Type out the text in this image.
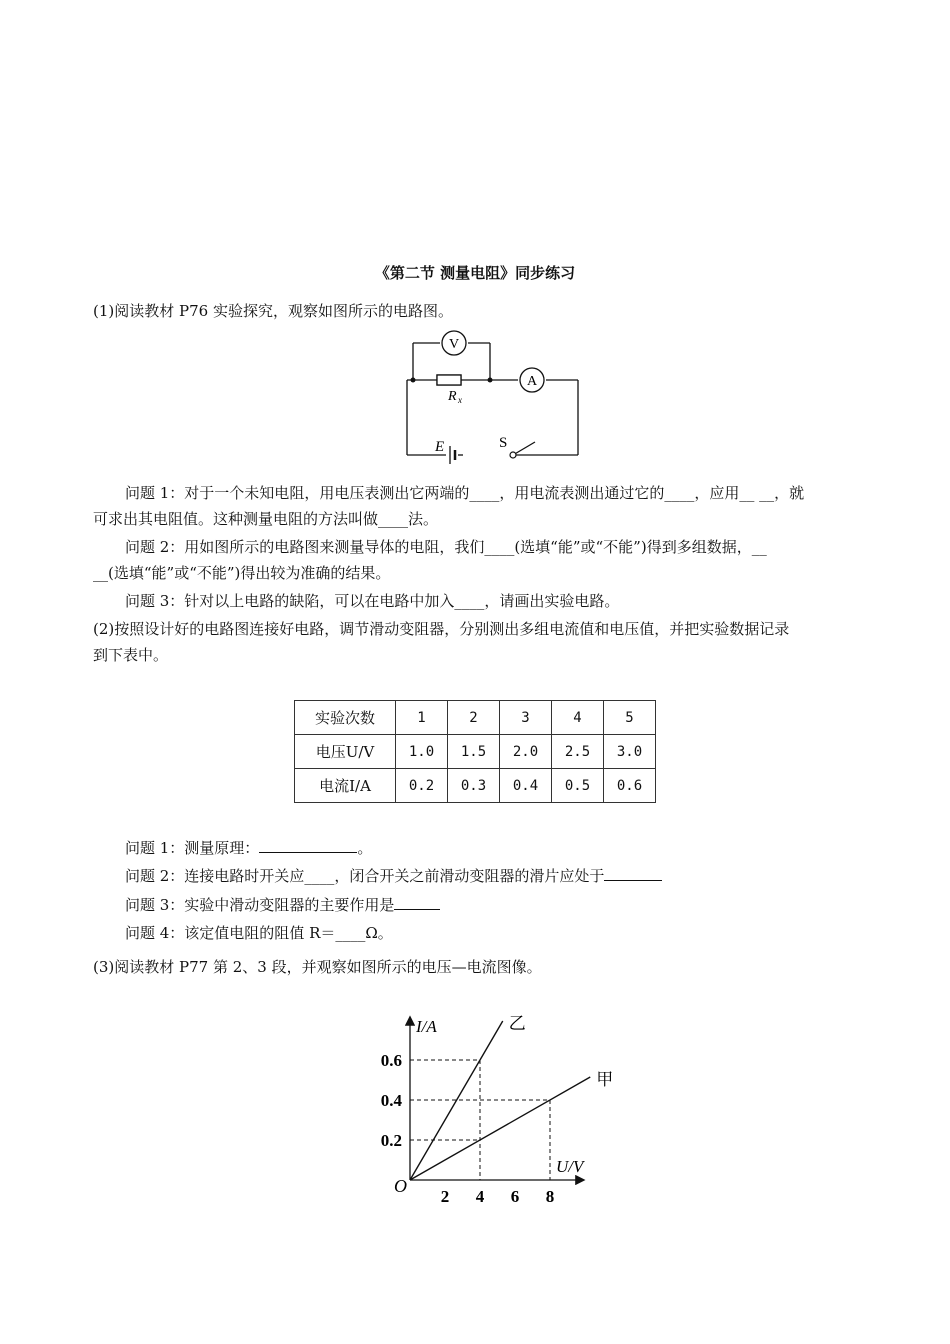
《第二节 测量电阻》同步练习
(1)阅读教材 P76 实验探究，观察如图所示的电路图。
V
A
R x
E	S
问题 1：对于一个未知电阻，用电压表测出它两端的____，用电流表测出通过它的____，应用__ __，就
可求出其电阻值。这种测量电阻的方法叫做____法。
问题 2：用如图所示的电路图来测量导体的电阻，我们____(选填“能”或“不能”)得到多组数据，__
__(选填“能”或“不能”)得出较为准确的结果。
问题 3：针对以上电路的缺陷，可以在电路中加入____，请画出实验电路。
(2)按照设计好的电路图连接好电路，调节滑动变阻器，分别测出多组电流值和电压值，并把实验数据记录
到下表中。
实验次数	1	2	3	4	5
电压U/V	1.0	1.5	2.0	2.5	3.0
电流I/A	0.2	0.3	0.4	0.5	0.6
问题 1：测量原理：	。
问题 2：连接电路时开关应____，闭合开关之前滑动变阻器的滑片应处于
问题 3：实验中滑动变阻器的主要作用是
问题 4：该定值电阻的阻值 R＝____Ω。
(3)阅读教材 P77 第 2、3 段，并观察如图所示的电压—电流图像。
乙
甲
2 4 6 8
0.2
0.4
0.6
O
U/V
I/A
